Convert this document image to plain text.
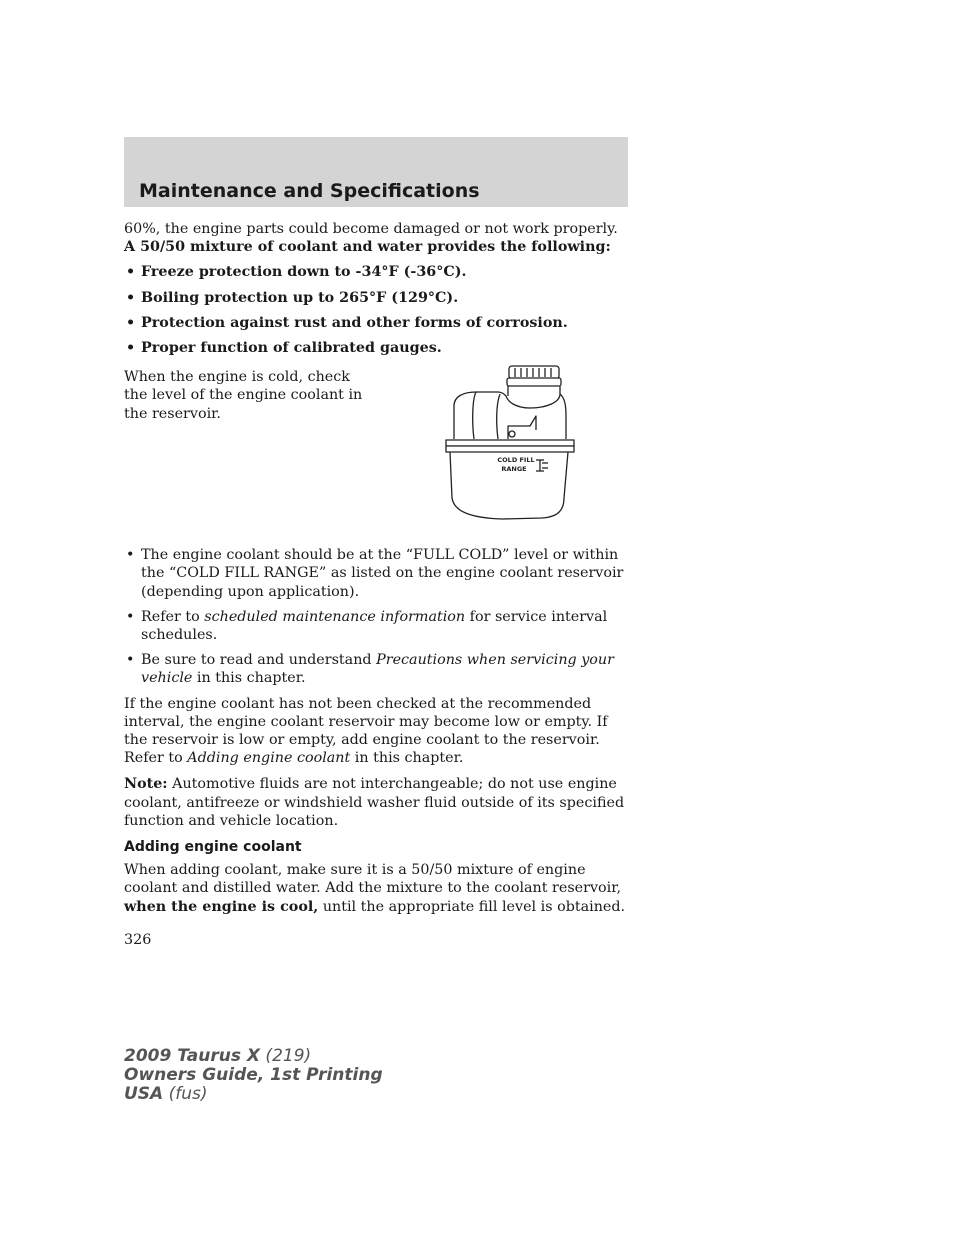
Maintenance and Specifications

60%, the engine parts could become damaged or not work properly. A 50/50 mixture of coolant and water provides the following:

• Freeze protection down to -34°F (-36°C).
• Boiling protection up to 265°F (129°C).
• Protection against rust and other forms of corrosion.
• Proper function of calibrated gauges.

When the engine is cold, check the level of the engine coolant in the reservoir.

COLD FILL
RANGE
• The engine coolant should be at the “FULL COLD” level or within the “COLD FILL RANGE” as listed on the engine coolant reservoir (depending upon application).
• Refer to scheduled maintenance information for service interval schedules.
• Be sure to read and understand Precautions when servicing your vehicle in this chapter.

If the engine coolant has not been checked at the recommended interval, the engine coolant reservoir may become low or empty. If the reservoir is low or empty, add engine coolant to the reservoir. Refer to Adding engine coolant in this chapter.

Note: Automotive fluids are not interchangeable; do not use engine coolant, antifreeze or windshield washer fluid outside of its specified function and vehicle location.

Adding engine coolant

When adding coolant, make sure it is a 50/50 mixture of engine coolant and distilled water. Add the mixture to the coolant reservoir, when the engine is cool, until the appropriate fill level is obtained.

326

2009 Taurus X (219)
Owners Guide, 1st Printing
USA (fus)
